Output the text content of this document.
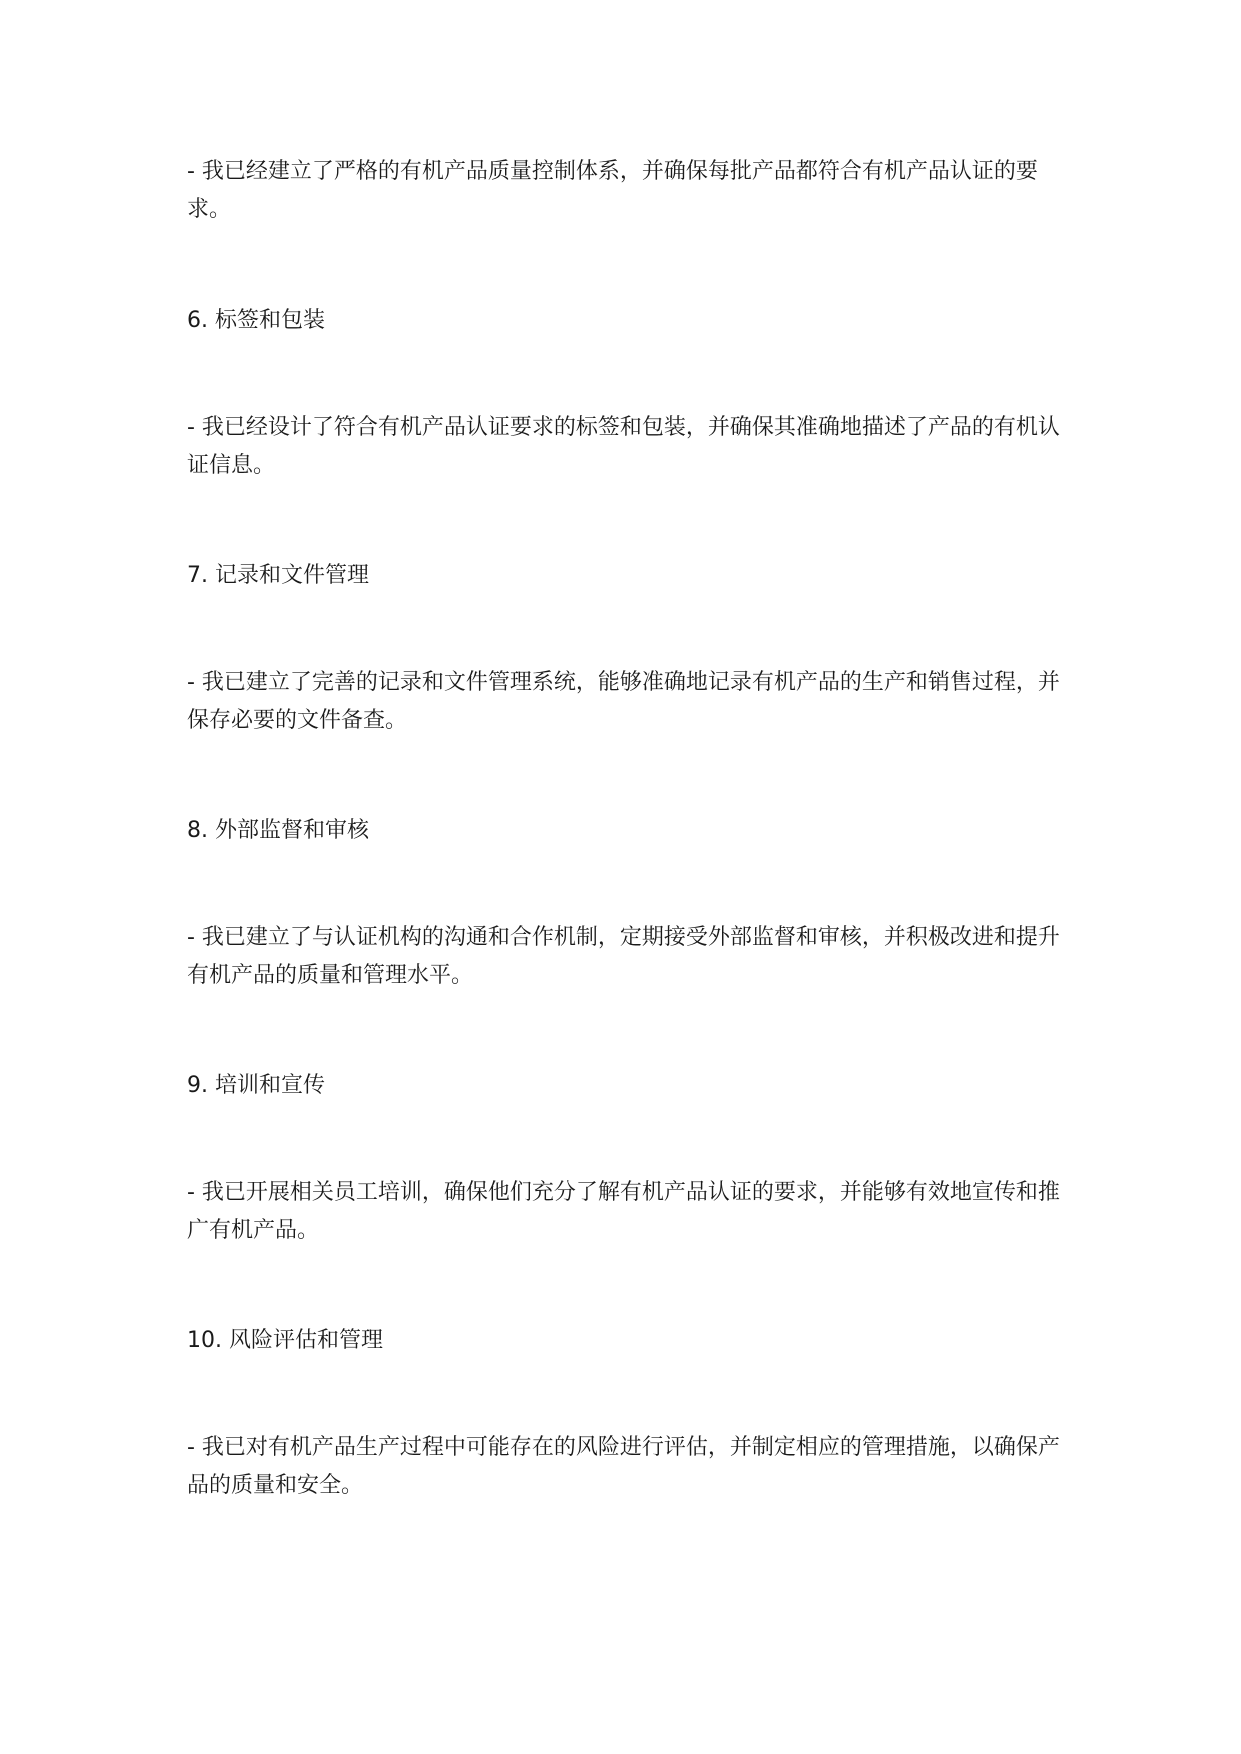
- 我已经建立了严格的有机产品质量控制体系，并确保每批产品都符合有机产品认证的要求。

6. 标签和包装

- 我已经设计了符合有机产品认证要求的标签和包装，并确保其准确地描述了产品的有机认证信息。

7. 记录和文件管理

- 我已建立了完善的记录和文件管理系统，能够准确地记录有机产品的生产和销售过程，并保存必要的文件备查。

8. 外部监督和审核

- 我已建立了与认证机构的沟通和合作机制，定期接受外部监督和审核，并积极改进和提升有机产品的质量和管理水平。

9. 培训和宣传

- 我已开展相关员工培训，确保他们充分了解有机产品认证的要求，并能够有效地宣传和推广有机产品。

10. 风险评估和管理

- 我已对有机产品生产过程中可能存在的风险进行评估，并制定相应的管理措施，以确保产品的质量和安全。
